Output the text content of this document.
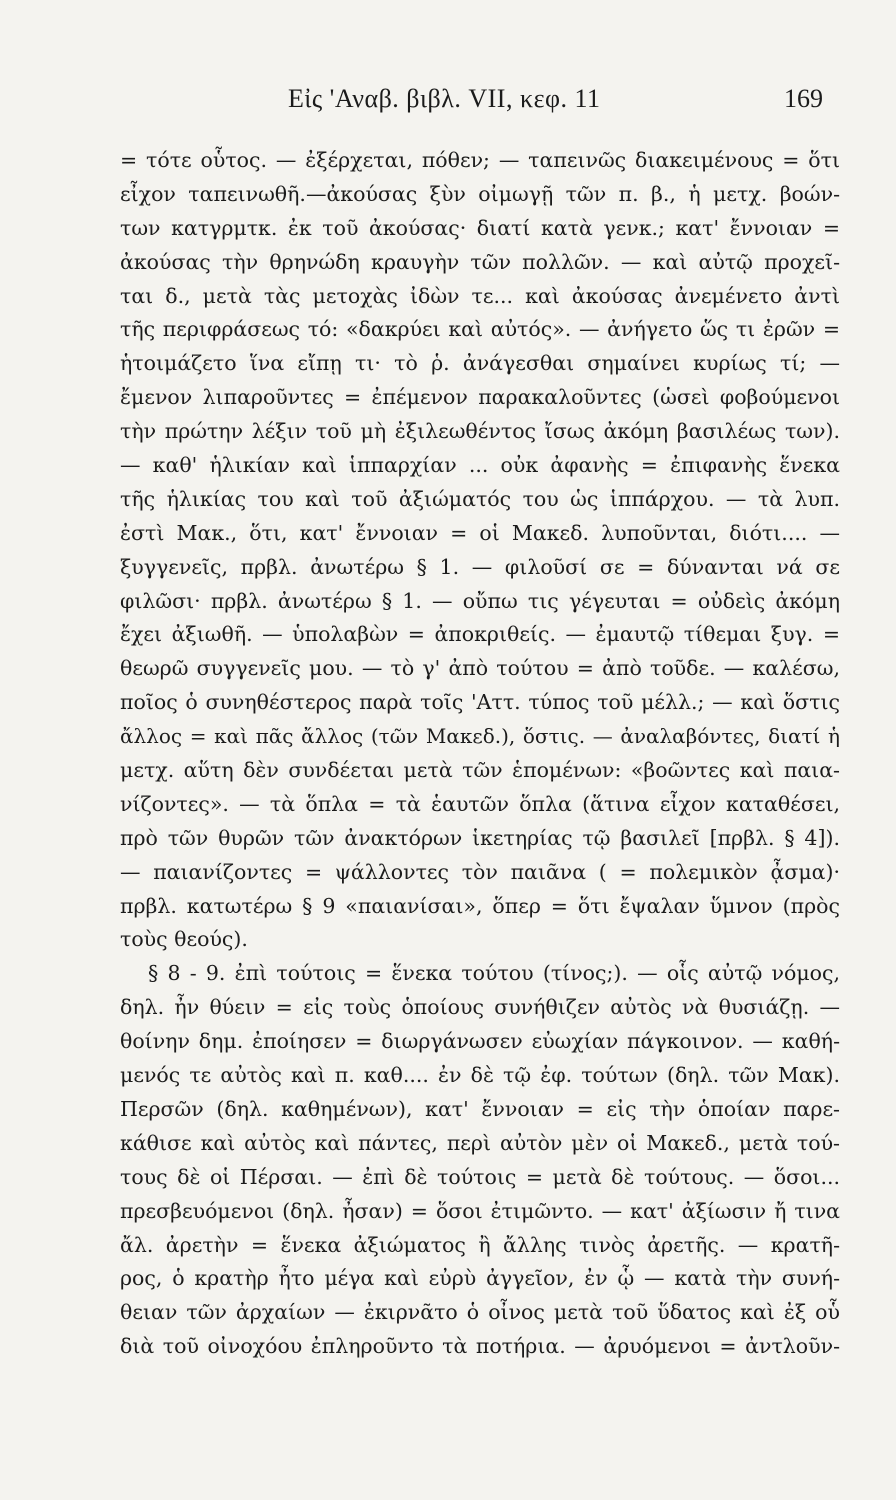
Εἰς 'Αναβ. βιβλ. VII, κεφ. 11	169
= τότε οὗτος. — ἐξέρχεται, πόθεν; — ταπεινῶς διακειμένους = ὅτι
εἶχον ταπεινωθῆ.—ἀκούσας ξὺν οἰμωγῇ τῶν π. β., ἡ μετχ. βοών-
των κατγρμτκ. ἐκ τοῦ ἀκούσας· διατί κατὰ γενκ.; κατ' ἔννοιαν =
ἀκούσας τὴν θρηνώδη κραυγὴν τῶν πολλῶν. — καὶ αὐτῷ προχεῖ-
ται δ., μετὰ τὰς μετοχὰς ἰδὼν τε... καὶ ἀκούσας ἀνεμένετο ἀντὶ
τῆς περιφράσεως τό: «δακρύει καὶ αὐτός». — ἀνήγετο ὥς τι ἐρῶν =
ἡτοιμάζετο ἵνα εἴπῃ τι· τὸ ῥ. ἀνάγεσθαι σημαίνει κυρίως τί; —
ἔμενον λιπαροῦντες = ἐπέμενον παρακαλοῦντες (ὡσεὶ φοβούμενοι
τὴν πρώτην λέξιν τοῦ μὴ ἐξιλεωθέντος ἴσως ἀκόμη βασιλέως των).
— καθ' ἡλικίαν καὶ ἱππαρχίαν ... οὐκ ἀφανὴς = ἐπιφανὴς ἕνεκα
τῆς ἡλικίας του καὶ τοῦ ἀξιώματός του ὡς ἱππάρχου. — τὰ λυπ.
ἐστὶ Μακ., ὅτι, κατ' ἔννοιαν = οἱ Μακεδ. λυποῦνται, διότι.... —
ξυγγενεῖς, πρβλ. ἀνωτέρω § 1. — φιλοῦσί σε = δύνανται νά σε
φιλῶσι· πρβλ. ἀνωτέρω § 1. — οὔπω τις γέγευται = οὐδεὶς ἀκόμη
ἔχει ἀξιωθῆ. — ὑπολαβὼν = ἀποκριθείς. — ἐμαυτῷ τίθεμαι ξυγ. =
θεωρῶ συγγενεῖς μου. — τὸ γ' ἀπὸ τούτου = ἀπὸ τοῦδε. — καλέσω,
ποῖος ὁ συνηθέστερος παρὰ τοῖς 'Αττ. τύπος τοῦ μέλλ.; — καὶ ὅστις
ἄλλος = καὶ πᾶς ἄλλος (τῶν Μακεδ.), ὅστις. — ἀναλαβόντες, διατί ἡ
μετχ. αὕτη δὲν συνδέεται μετὰ τῶν ἑπομένων: «βοῶντες καὶ παια-
νίζοντες». — τὰ ὅπλα = τὰ ἑαυτῶν ὅπλα (ἅτινα εἶχον καταθέσει,
πρὸ τῶν θυρῶν τῶν ἀνακτόρων ἱκετηρίας τῷ βασιλεῖ [πρβλ. § 4]).
— παιανίζοντες = ψάλλοντες τὸν παιᾶνα ( = πολεμικὸν ᾆσμα)·
πρβλ. κατωτέρω § 9 «παιανίσαι», ὅπερ = ὅτι ἔψαλαν ὕμνον (πρὸς
τοὺς θεούς).
§ 8 - 9. ἐπὶ τούτοις = ἕνεκα τούτου (τίνος;). — οἷς αὐτῷ νόμος,
δηλ. ἦν θύειν = εἰς τοὺς ὁποίους συνήθιζεν αὐτὸς νὰ θυσιάζῃ. —
θοίνην δημ. ἐποίησεν = διωργάνωσεν εὐωχίαν πάγκοινον. — καθή-
μενός τε αὐτὸς καὶ π. καθ.... ἐν δὲ τῷ ἐφ. τούτων (δηλ. τῶν Μακ).
Περσῶν (δηλ. καθημένων), κατ' ἔννοιαν = εἰς τὴν ὁποίαν παρε-
κάθισε καὶ αὐτὸς καὶ πάντες, περὶ αὐτὸν μὲν οἱ Μακεδ., μετὰ τού-
τους δὲ οἱ Πέρσαι. — ἐπὶ δὲ τούτοις = μετὰ δὲ τούτους. — ὅσοι...
πρεσβευόμενοι (δηλ. ἦσαν) = ὅσοι ἐτιμῶντο. — κατ' ἀξίωσιν ἤ τινα
ἄλ. ἀρετὴν = ἕνεκα ἀξιώματος ἢ ἄλλης τινὸς ἀρετῆς. — κρατῆ-
ρος, ὁ κρατὴρ ἦτο μέγα καὶ εὐρὺ ἀγγεῖον, ἐν ᾧ — κατὰ τὴν συνή-
θειαν τῶν ἀρχαίων — ἐκιρνᾶτο ὁ οἶνος μετὰ τοῦ ὕδατος καὶ ἐξ οὗ
διὰ τοῦ οἰνοχόου ἐπληροῦντο τὰ ποτήρια. — ἀρυόμενοι = ἀντλοῦν-
